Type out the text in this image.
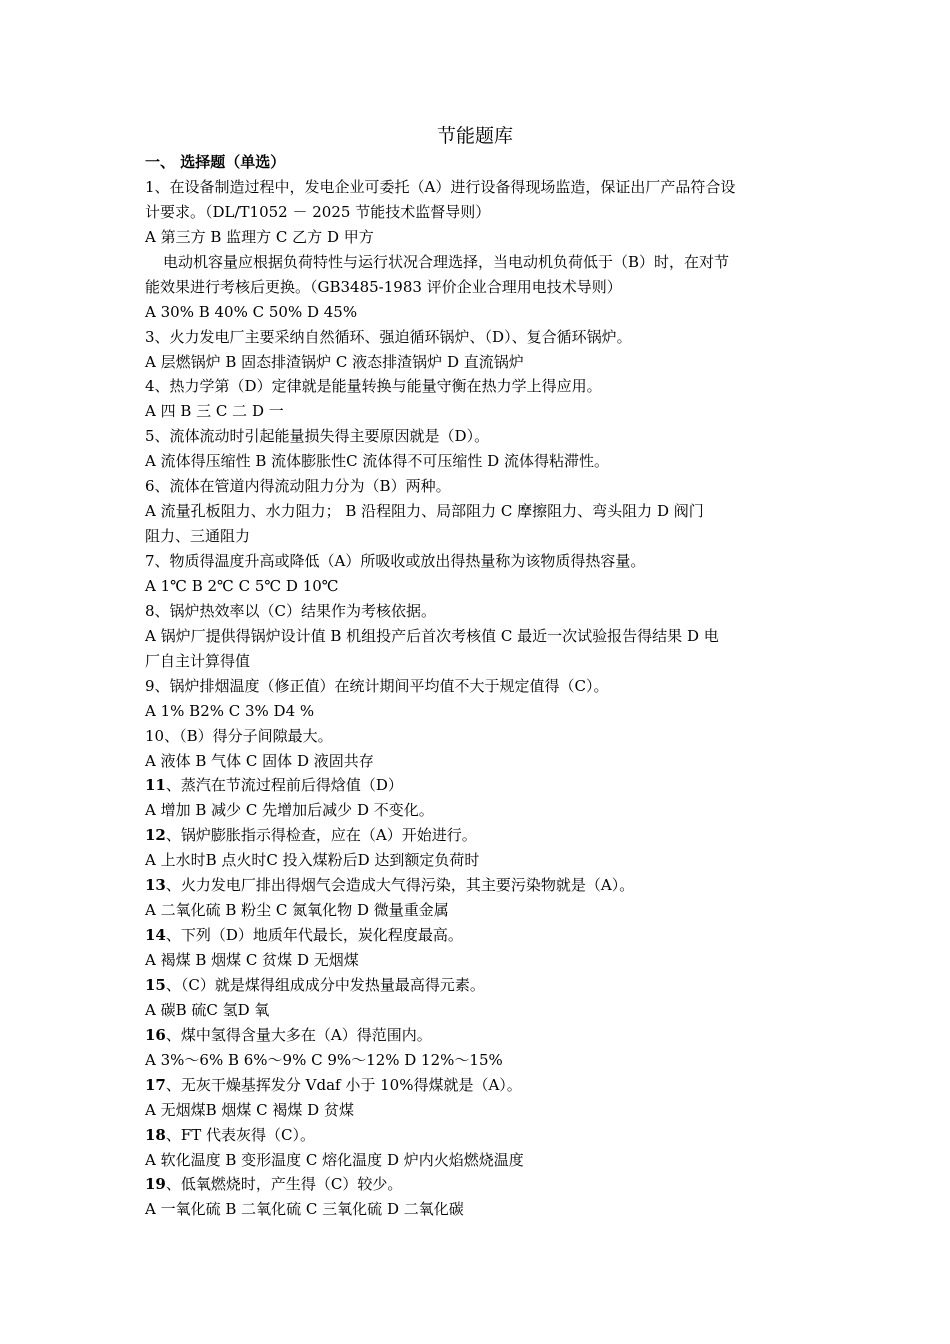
节能题库
一、 选择题（单选）
1、在设备制造过程中，发电企业可委托（A）进行设备得现场监造，保证出厂产品符合设
计要求。（DL/T1052 － 2025 节能技术监督导则）
A 第三方 B 监理方 C 乙方 D 甲方
电动机容量应根据负荷特性与运行状况合理选择，当电动机负荷低于（B）时，在对节
能效果进行考核后更换。（GB3485-1983 评价企业合理用电技术导则）
A 30% B 40% C 50% D 45%
3、火力发电厂主要采纳自然循环、强迫循环锅炉、（D）、复合循环锅炉。
A 层燃锅炉 B 固态排渣锅炉 C 液态排渣锅炉 D 直流锅炉
4、热力学第（D）定律就是能量转换与能量守衡在热力学上得应用。
A 四 B 三 C 二 D 一
5、流体流动时引起能量损失得主要原因就是（D）。
A 流体得压缩性 B 流体膨胀性C 流体得不可压缩性 D 流体得粘滞性。
6、流体在管道内得流动阻力分为（B）两种。
A 流量孔板阻力、水力阻力； B 沿程阻力、局部阻力 C 摩擦阻力、弯头阻力 D 阀门
阻力、三通阻力
7、物质得温度升高或降低（A）所吸收或放出得热量称为该物质得热容量。
A 1℃ B 2℃ C 5℃ D 10℃
8、锅炉热效率以（C）结果作为考核依据。
A 锅炉厂提供得锅炉设计值 B 机组投产后首次考核值 C 最近一次试验报告得结果 D 电
厂自主计算得值
9、锅炉排烟温度（修正值）在统计期间平均值不大于规定值得（C）。
A 1% B2% C 3% D4 %
10、（B）得分子间隙最大。
A 液体 B 气体 C 固体 D 液固共存
11、蒸汽在节流过程前后得焓值（D）
A 增加 B 减少 C 先增加后减少 D 不变化。
12、锅炉膨胀指示得检查，应在（A）开始进行。
A 上水时B 点火时C 投入煤粉后D 达到额定负荷时
13、火力发电厂排出得烟气会造成大气得污染，其主要污染物就是（A）。
A 二氧化硫 B 粉尘 C 氮氧化物 D 微量重金属
14、下列（D）地质年代最长，炭化程度最高。
A 褐煤 B 烟煤 C 贫煤 D 无烟煤
15、（C）就是煤得组成成分中发热量最高得元素。
A 碳B 硫C 氢D 氧
16、煤中氢得含量大多在（A）得范围内。
A 3%～6% B 6%～9% C 9%～12% D 12%～15%
17、无灰干燥基挥发分 Vdaf 小于 10%得煤就是（A）。
A 无烟煤B 烟煤 C 褐煤 D 贫煤
18、FT 代表灰得（C）。
A 软化温度 B 变形温度 C 熔化温度 D 炉内火焰燃烧温度
19、低氧燃烧时，产生得（C）较少。
A 一氧化硫 B 二氧化硫 C 三氧化硫 D 二氧化碳
